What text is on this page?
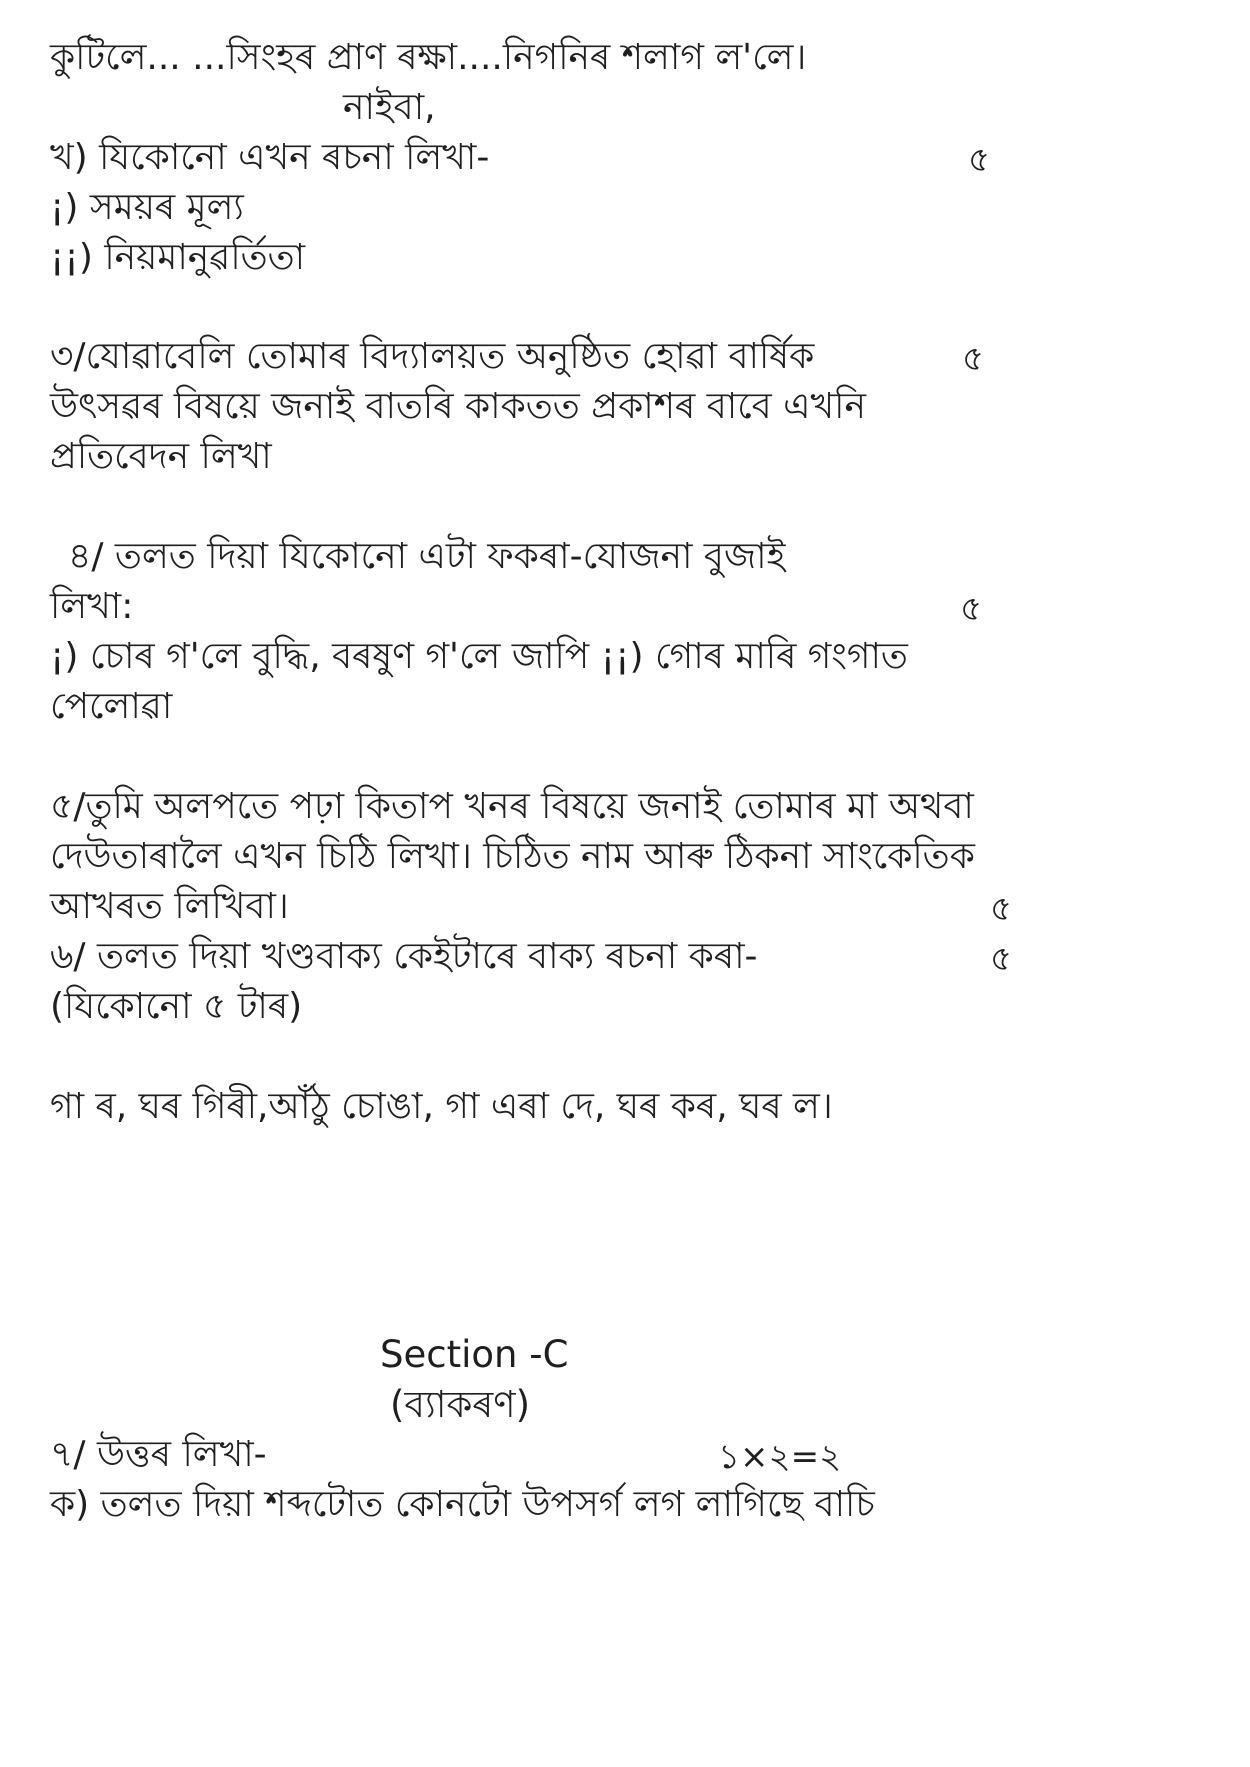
কুটিলে... ...সিংহৰ প্ৰাণ ৰক্ষা....নিগনিৰ শলাগ ল'লে।
নাইবা,
খ) যিকোনো এখন ৰচনা লিখা-	৫
¡) সময়ৰ মূল্য
¡¡) নিয়মানুৱৰ্তিতা
৩/যোৱাবেলি তোমাৰ বিদ্যালয়ত অনুষ্ঠিত হোৱা বাৰ্ষিক	৫
উৎসৱৰ বিষয়ে জনাই বাতৰি কাকতত প্ৰকাশৰ বাবে এখনি
প্ৰতিবেদন লিখা
৪/ তলত দিয়া যিকোনো এটা ফকৰা-যোজনা বুজাই
লিখা:	৫
¡) চোৰ গ'লে বুদ্ধি, বৰষুণ গ'লে জাপি ¡¡) গোৰ মাৰি গংগাত
পেলোৱা
৫/তুমি অলপতে পঢ়া কিতাপ খনৰ বিষয়ে জনাই তোমাৰ মা অথবা
দেউতাৰালৈ এখন চিঠি লিখা। চিঠিত নাম আৰু ঠিকনা সাংকেতিক
আখৰত লিখিবা।	৫
৬/ তলত দিয়া খণ্ডবাক্য কেইটাৰে বাক্য ৰচনা কৰা-	৫
(যিকোনো ৫ টাৰ)
গা ৰ, ঘৰ গিৰী,আঁঠু চোঙা, গা এৰা দে, ঘৰ কৰ, ঘৰ ল।
Section -C
(ব্যাকৰণ)
৭/ উত্তৰ লিখা-	১×২=২
ক) তলত দিয়া শব্দটোত কোনটো উপসৰ্গ লগ লাগিছে বাচি
